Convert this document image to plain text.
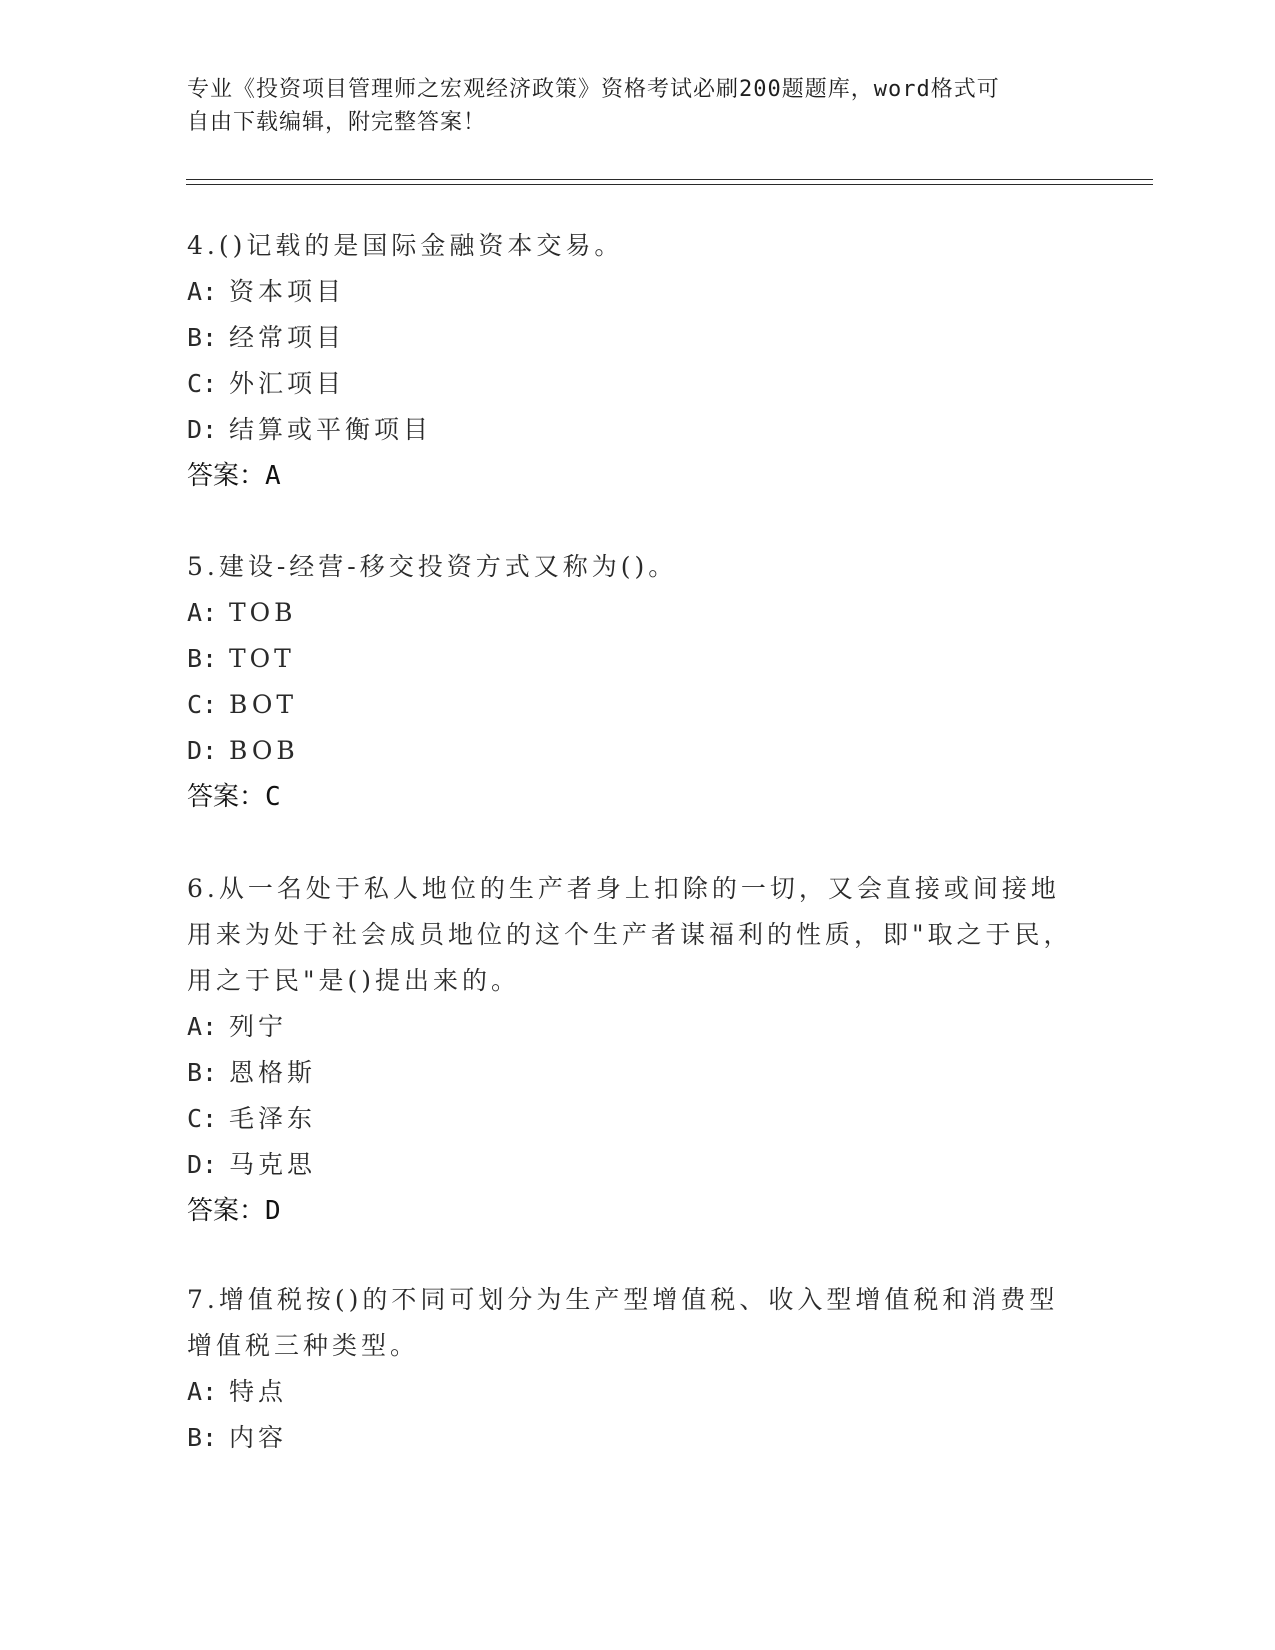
专业《投资项目管理师之宏观经济政策》资格考试必刷200题题库，word格式可
自由下载编辑，附完整答案！
4.()记载的是国际金融资本交易。
A: 资本项目
B: 经常项目
C: 外汇项目
D: 结算或平衡项目
答案：A
5.建设-经营-移交投资方式又称为()。
A: TOB
B: TOT
C: BOT
D: BOB
答案：C
6.从一名处于私人地位的生产者身上扣除的一切，又会直接或间接地
用来为处于社会成员地位的这个生产者谋福利的性质，即"取之于民，
用之于民"是()提出来的。
A: 列宁
B: 恩格斯
C: 毛泽东
D: 马克思
答案：D
7.增值税按()的不同可划分为生产型增值税、收入型增值税和消费型
增值税三种类型。
A: 特点
B: 内容
